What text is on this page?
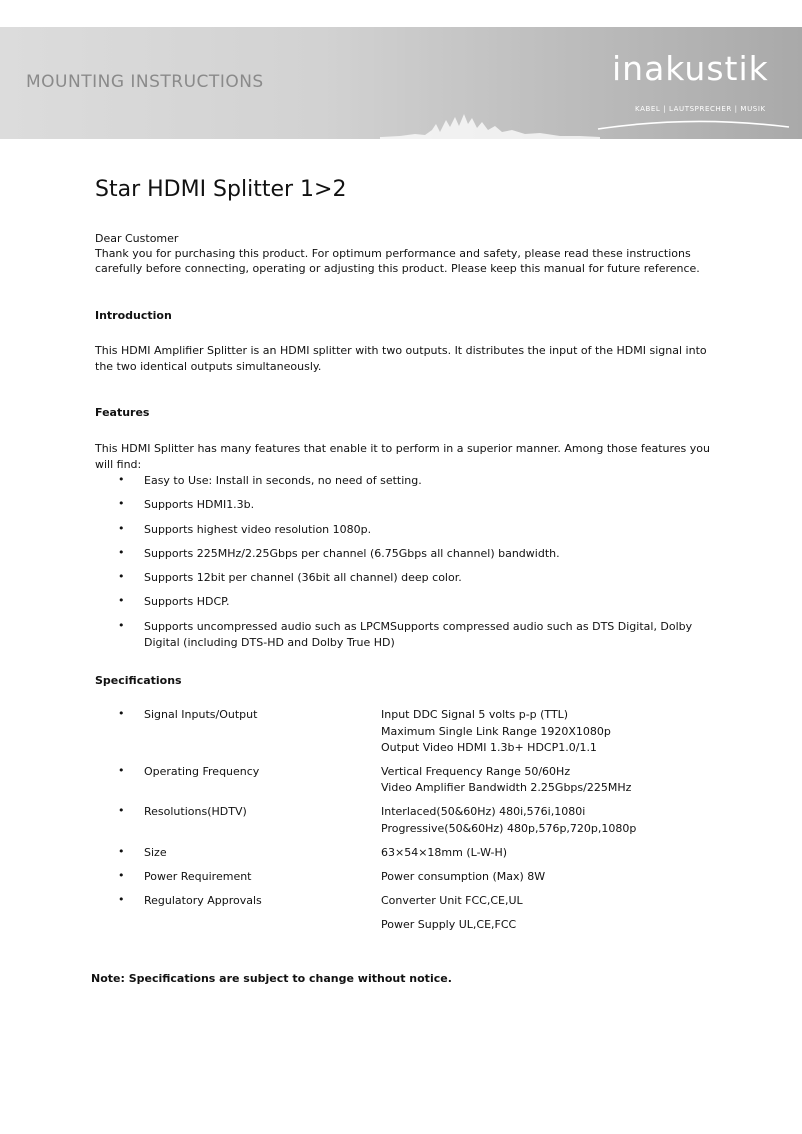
MOUNTING INSTRUCTIONS	inakustik
KABEL | LAUTSPRECHER | MUSIK
Star HDMI Splitter 1>2
Dear Customer
Thank you for purchasing this product. For optimum performance and safety, please read these instructions
carefully before connecting, operating or adjusting this product. Please keep this manual for future reference.
Introduction
This HDMI Amplifier Splitter is an HDMI splitter with two outputs. It distributes the input of the HDMI signal into
the two identical outputs simultaneously.
Features
This HDMI Splitter has many features that enable it to perform in a superior manner. Among those features you
will find:
• Easy to Use: Install in seconds, no need of setting.
• Supports HDMI1.3b.
• Supports highest video resolution 1080p.
• Supports 225MHz/2.25Gbps per channel (6.75Gbps all channel) bandwidth.
• Supports 12bit per channel (36bit all channel) deep color.
• Supports HDCP.
• Supports uncompressed audio such as LPCMSupports compressed audio such as DTS Digital, Dolby
Digital (including DTS-HD and Dolby True HD)
Specifications
• Signal Inputs/Output	Input DDC Signal 5 volts p-p (TTL)
Maximum Single Link Range 1920X1080p
Output Video HDMI 1.3b+ HDCP1.0/1.1
• Operating Frequency	Vertical Frequency Range 50/60Hz
Video Amplifier Bandwidth 2.25Gbps/225MHz
• Resolutions(HDTV)	Interlaced(50&60Hz) 480i,576i,1080i
Progressive(50&60Hz) 480p,576p,720p,1080p
• Size	63×54×18mm (L-W-H)
• Power Requirement	Power consumption (Max) 8W
• Regulatory Approvals	Converter Unit FCC,CE,UL
Power Supply UL,CE,FCC
Note: Specifications are subject to change without notice.
